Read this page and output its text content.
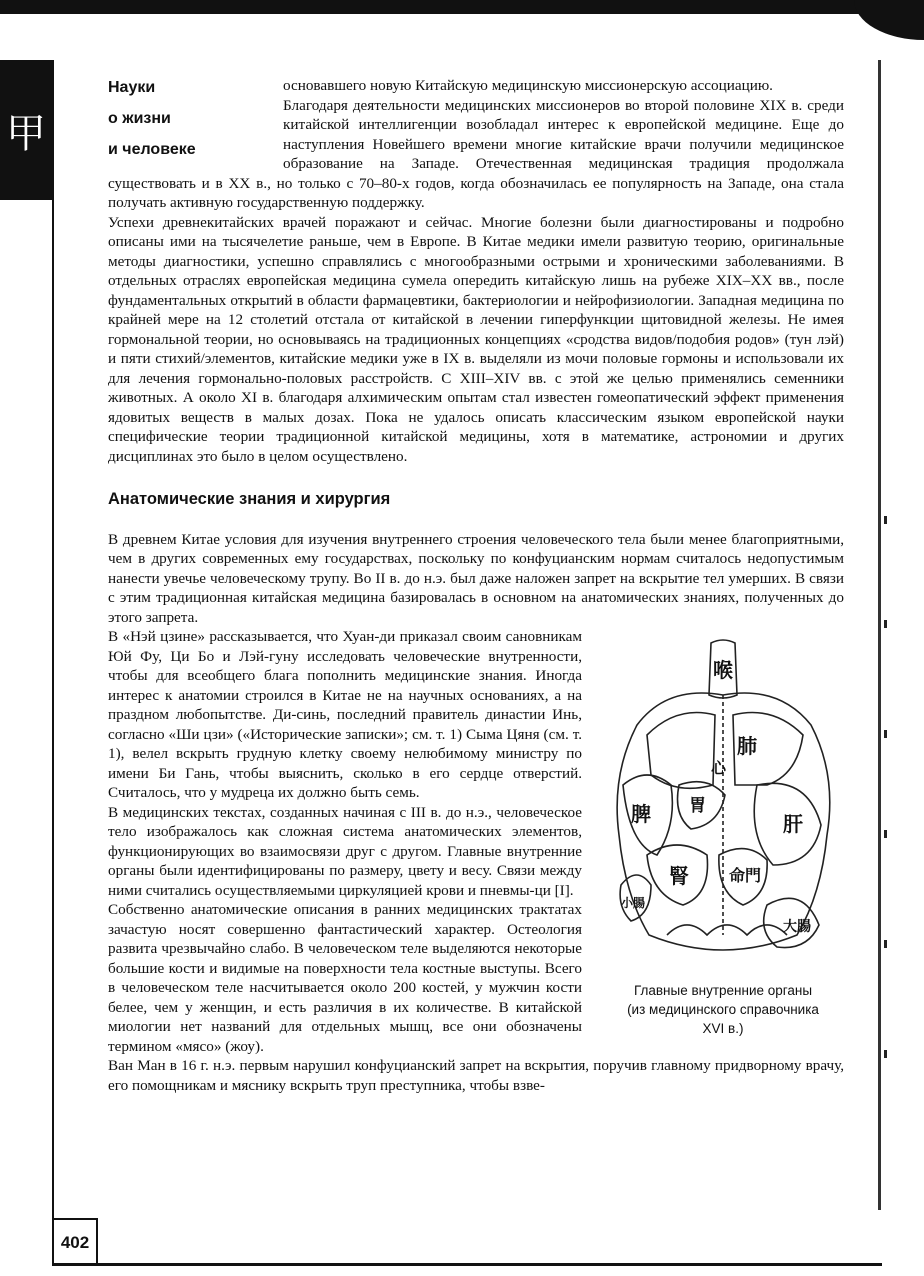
甲
402
Науки
о жизни
и человеке

основавшего новую Китайскую медицинскую миссионерскую ассоциацию.

Благодаря деятельности медицинских миссионеров во второй половине XIX в. среди китайской интеллигенции возобладал интерес к европейской медицине. Еще до наступления Новейшего времени многие китайские врачи получили медицинское образование на Западе. Отечественная медицинская традиция продолжала существовать и в XX в., но только с 70–80-х годов, когда обозначилась ее популярность на Западе, она стала получать активную государственную поддержку.

Успехи древнекитайских врачей поражают и сейчас. Многие болезни были диагностированы и подробно описаны ими на тысячелетие раньше, чем в Европе. В Китае медики имели развитую теорию, оригинальные методы диагностики, успешно справлялись с многообразными острыми и хроническими заболеваниями. В отдельных отраслях европейская медицина сумела опередить китайскую лишь на рубеже XIX–XX вв., после фундаментальных открытий в области фармацевтики, бактериологии и нейрофизиологии. Западная медицина по крайней мере на 12 столетий отстала от китайской в лечении гиперфункции щитовидной железы. Не имея гормональной теории, но основываясь на традиционных концепциях «сродства видов/подобия родов» (тун лэй) и пяти стихий/элементов, китайские медики уже в IX в. выделяли из мочи половые гормоны и использовали их для лечения гормонально-половых расстройств. С XIII–XIV вв. с этой же целью применялись семенники животных. А около XI в. благодаря алхимическим опытам стал известен гомеопатический эффект применения ядовитых веществ в малых дозах. Пока не удалось описать классическим языком европейской науки специфические теории традиционной китайской медицины, хотя в математике, астрономии и других дисциплинах это было в целом осуществлено.

Анатомические знания и хирургия

В древнем Китае условия для изучения внутреннего строения человеческого тела были менее благоприятными, чем в других современных ему государствах, поскольку по конфуцианским нормам считалось недопустимым нанести увечье человеческому трупу. Во II в. до н.э. был даже наложен запрет на вскрытие тел умерших. В связи с этим традиционная китайская медицина базировалась в основном на анатомических знаниях, полученных до этого запрета.

喉
肺
心
脾 胃
肝
腎	命門
小腸
大腸
Главные внутренние органы
(из медицинского справочника
XVI в.)

В «Нэй цзине» рассказывается, что Хуан-ди приказал своим сановникам Юй Фу, Ци Бо и Лэй-гуну исследовать человеческие внутренности, чтобы для всеобщего блага пополнить медицинские знания. Иногда интерес к анатомии строился в Китае не на научных основаниях, а на праздном любопытстве. Ди-синь, последний правитель династии Инь, согласно «Ши цзи» («Исторические записки»; см. т. 1) Сыма Цяня (см. т. 1), велел вскрыть грудную клетку своему нелюбимому министру по имени Би Гань, чтобы выяснить, сколько в его сердце отверстий. Считалось, что у мудреца их должно быть семь.

В медицинских текстах, созданных начиная с III в. до н.э., человеческое тело изображалось как сложная система анатомических элементов, функционирующих во взаимосвязи друг с другом. Главные внутренние органы были идентифицированы по размеру, цвету и весу. Связи между ними считались осуществляемыми циркуляцией крови и пневмы-ци [I].

Собственно анатомические описания в ранних медицинских трактатах зачастую носят совершенно фантастический характер. Остеология развита чрезвычайно слабо. В человеческом теле выделяются некоторые большие кости и видимые на поверхности тела костные выступы. Всего в человеческом теле насчитывается около 200 костей, у мужчин кости белее, чем у женщин, и есть различия в их количестве. В китайской миологии нет названий для отдельных мышц, все они обозначены термином «мясо» (жоу).

Ван Ман в 16 г. н.э. первым нарушил конфуцианский запрет на вскрытия, поручив главному придворному врачу, его помощникам и мяснику вскрыть труп преступника, чтобы взве-
